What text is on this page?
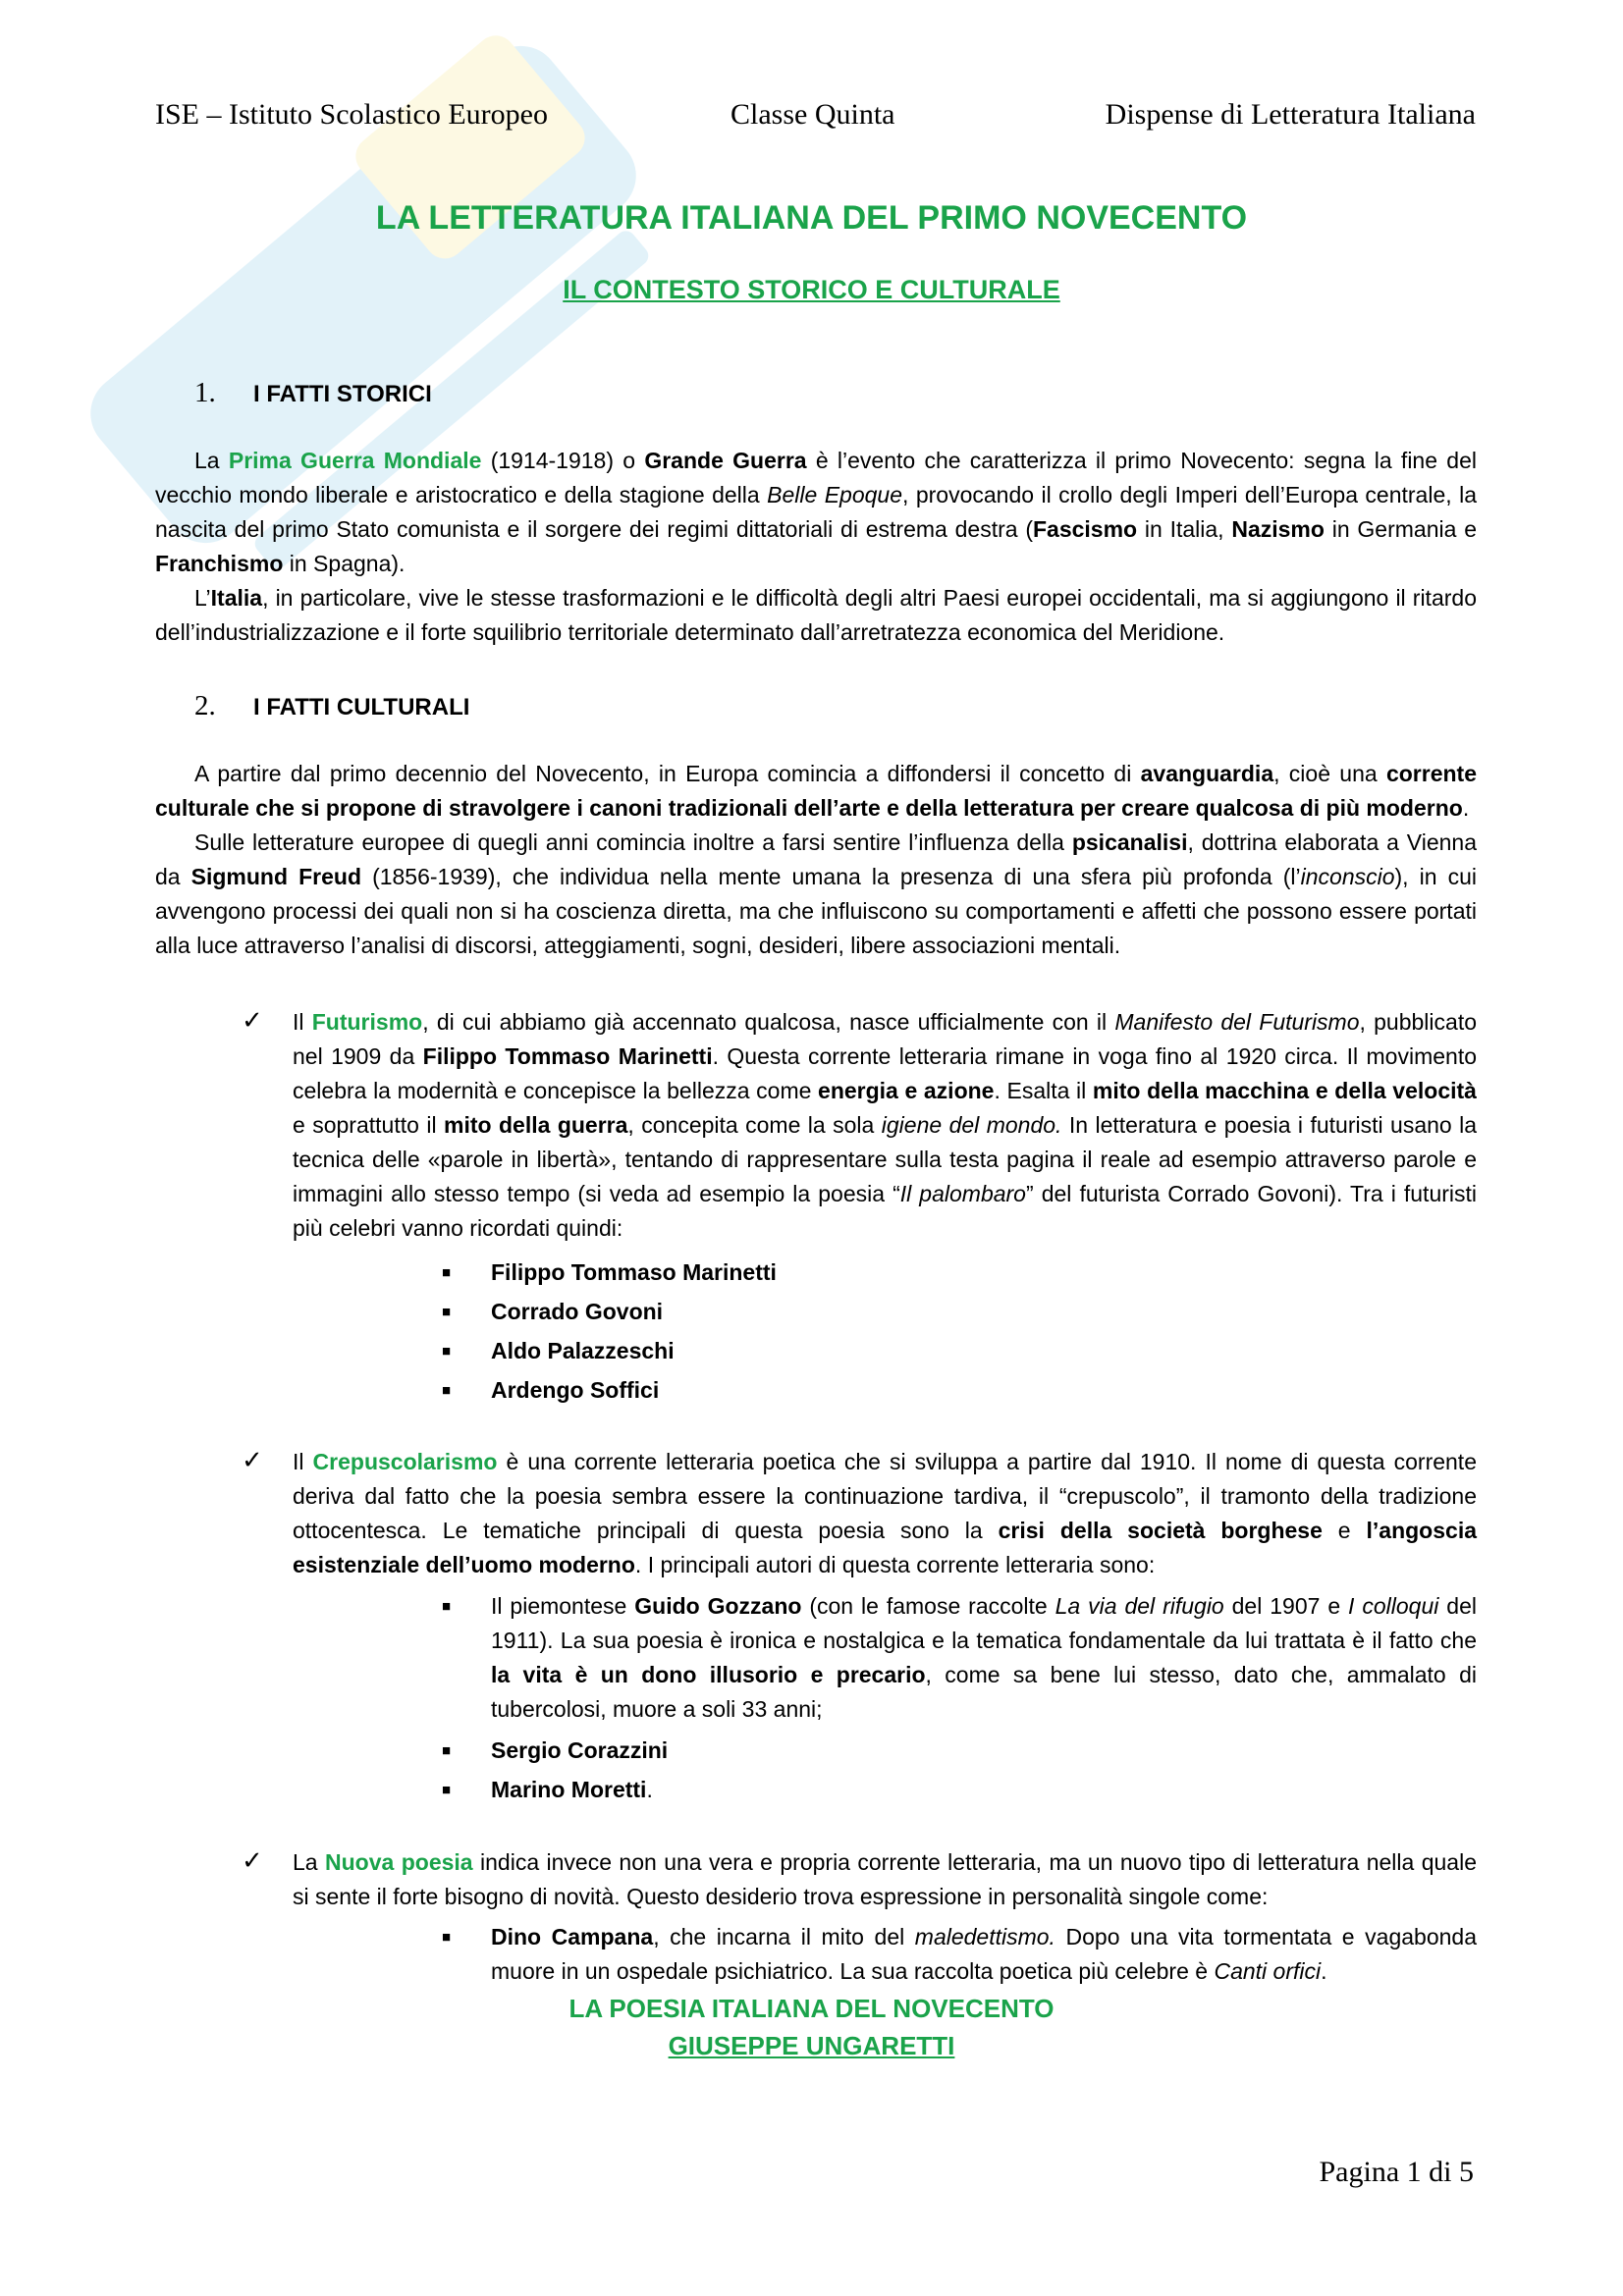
ISE – Istituto Scolastico Europeo	Classe Quinta	Dispense di Letteratura Italiana
LA LETTERATURA ITALIANA DEL PRIMO NOVECENTO
IL CONTESTO STORICO E CULTURALE
1. I FATTI STORICI

La Prima Guerra Mondiale (1914-1918) o Grande Guerra è l’evento che caratterizza il primo Novecento: segna la fine del vecchio mondo liberale e aristocratico e della stagione della Belle Epoque, provocando il crollo degli Imperi dell’Europa centrale, la nascita del primo Stato comunista e il sorgere dei regimi dittatoriali di estrema destra (Fascismo in Italia, Nazismo in Germania e Franchismo in Spagna).

L’Italia, in particolare, vive le stesse trasformazioni e le difficoltà degli altri Paesi europei occidentali, ma si aggiungono il ritardo dell’industrializzazione e il forte squilibrio territoriale determinato dall’arretratezza economica del Meridione.

2. I FATTI CULTURALI

A partire dal primo decennio del Novecento, in Europa comincia a diffondersi il concetto di avanguardia, cioè una corrente culturale che si propone di stravolgere i canoni tradizionali dell’arte e della letteratura per creare qualcosa di più moderno.

Sulle letterature europee di quegli anni comincia inoltre a farsi sentire l’influenza della psicanalisi, dottrina elaborata a Vienna da Sigmund Freud (1856-1939), che individua nella mente umana la presenza di una sfera più profonda (l’inconscio), in cui avvengono processi dei quali non si ha coscienza diretta, ma che influiscono su comportamenti e affetti che possono essere portati alla luce attraverso l’analisi di discorsi, atteggiamenti, sogni, desideri, libere associazioni mentali.

✓ Il Futurismo, di cui abbiamo già accennato qualcosa, nasce ufficialmente con il Manifesto del Futurismo, pubblicato nel 1909 da Filippo Tommaso Marinetti. Questa corrente letteraria rimane in voga fino al 1920 circa. Il movimento celebra la modernità e concepisce la bellezza come energia e azione. Esalta il mito della macchina e della velocità e soprattutto il mito della guerra, concepita come la sola igiene del mondo. In letteratura e poesia i futuristi usano la tecnica delle «parole in libertà», tentando di rappresentare sulla testa pagina il reale ad esempio attraverso parole e immagini allo stesso tempo (si veda ad esempio la poesia “Il palombaro” del futurista Corrado Govoni). Tra i futuristi più celebri vanno ricordati quindi:
■	Filippo Tommaso Marinetti
■	Corrado Govoni
■	Aldo Palazzeschi
■	Ardengo Soffici
✓ Il Crepuscolarismo è una corrente letteraria poetica che si sviluppa a partire dal 1910. Il nome di questa corrente deriva dal fatto che la poesia sembra essere la continuazione tardiva, il “crepuscolo”, il tramonto della tradizione ottocentesca. Le tematiche principali di questa poesia sono la crisi della società borghese e l’angoscia esistenziale dell’uomo moderno. I principali autori di questa corrente letteraria sono:
■	Il piemontese Guido Gozzano (con le famose raccolte La via del rifugio del 1907 e I colloqui del 1911). La sua poesia è ironica e nostalgica e la tematica fondamentale da lui trattata è il fatto che la vita è un dono illusorio e precario, come sa bene lui stesso, dato che, ammalato di tubercolosi, muore a soli 33 anni;
■	Sergio Corazzini
■	Marino Moretti.
✓ La Nuova poesia indica invece non una vera e propria corrente letteraria, ma un nuovo tipo di letteratura nella quale si sente il forte bisogno di novità. Questo desiderio trova espressione in personalità singole come:
■	Dino Campana, che incarna il mito del maledettismo. Dopo una vita tormentata e vagabonda muore in un ospedale psichiatrico. La sua raccolta poetica più celebre è Canti orfici.
LA POESIA ITALIANA DEL NOVECENTO
GIUSEPPE UNGARETTI
Pagina 1 di 5
